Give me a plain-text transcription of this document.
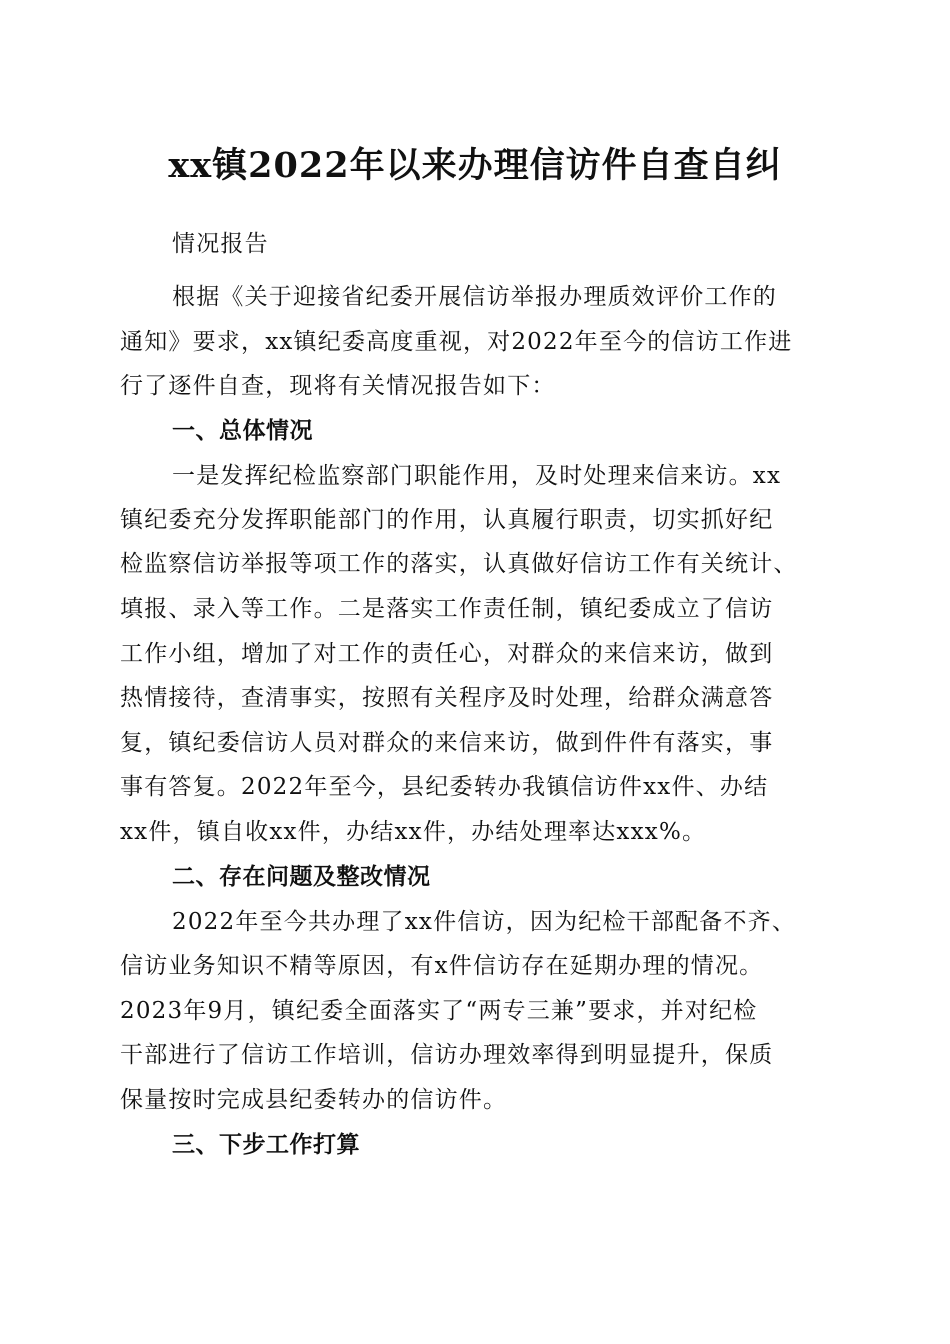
xx镇2022年以来办理信访件自查自纠
情况报告
根据《关于迎接省纪委开展信访举报办理质效评价工作的
通知》要求，xx镇纪委高度重视，对2022年至今的信访工作进
行了逐件自查，现将有关情况报告如下：
一、总体情况
一是发挥纪检监察部门职能作用，及时处理来信来访。xx
镇纪委充分发挥职能部门的作用，认真履行职责，切实抓好纪
检监察信访举报等项工作的落实，认真做好信访工作有关统计、
填报、录入等工作。二是落实工作责任制，镇纪委成立了信访
工作小组，增加了对工作的责任心，对群众的来信来访，做到
热情接待，查清事实，按照有关程序及时处理，给群众满意答
复，镇纪委信访人员对群众的来信来访，做到件件有落实，事
事有答复。2022年至今，县纪委转办我镇信访件xx件、办结
xx件，镇自收xx件，办结xx件，办结处理率达xxx%。
二、存在问题及整改情况
2022年至今共办理了xx件信访，因为纪检干部配备不齐、
信访业务知识不精等原因，有x件信访存在延期办理的情况。
2023年9月，镇纪委全面落实了“两专三兼”要求，并对纪检
干部进行了信访工作培训，信访办理效率得到明显提升，保质
保量按时完成县纪委转办的信访件。
三、下步工作打算
